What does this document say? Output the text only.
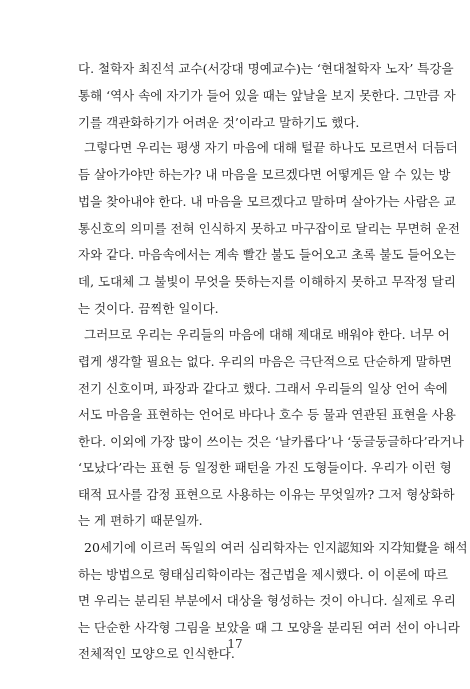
다. 철학자 최진석 교수(서강대 명예교수)는 ‘현대철학자 노자’ 특강을
통해 ‘역사 속에 자기가 들어 있을 때는 앞날을 보지 못한다. 그만큼 자
기를 객관화하기가 어려운 것’이라고 말하기도 했다.
그렇다면 우리는 평생 자기 마음에 대해 털끝 하나도 모르면서 더듬더
듬 살아가야만 하는가? 내 마음을 모르겠다면 어떻게든 알 수 있는 방
법을 찾아내야 한다. 내 마음을 모르겠다고 말하며 살아가는 사람은 교
통신호의 의미를 전혀 인식하지 못하고 마구잡이로 달리는 무면허 운전
자와 같다. 마음속에서는 계속 빨간 불도 들어오고 초록 불도 들어오는
데, 도대체 그 불빛이 무엇을 뜻하는지를 이해하지 못하고 무작정 달리
는 것이다. 끔찍한 일이다.
그러므로 우리는 우리들의 마음에 대해 제대로 배워야 한다. 너무 어
렵게 생각할 필요는 없다. 우리의 마음은 극단적으로 단순하게 말하면
전기 신호이며, 파장과 같다고 했다. 그래서 우리들의 일상 언어 속에
서도 마음을 표현하는 언어로 바다나 호수 등 물과 연관된 표현을 사용
한다. 이외에 가장 많이 쓰이는 것은 ‘날카롭다’나 ‘둥글둥글하다’라거나
‘모났다’라는 표현 등 일정한 패턴을 가진 도형들이다. 우리가 이런 형
태적 묘사를 감정 표현으로 사용하는 이유는 무엇일까? 그저 형상화하
는 게 편하기 때문일까.
20세기에 이르러 독일의 여러 심리학자는 인지認知와 지각知覺을 해석
하는 방법으로 형태심리학이라는 접근법을 제시했다. 이 이론에 따르
면 우리는 분리된 부분에서 대상을 형성하는 것이 아니다. 실제로 우리
는 단순한 사각형 그림을 보았을 때 그 모양을 분리된 여러 선이 아니라
전체적인 모양으로 인식한다.
17
